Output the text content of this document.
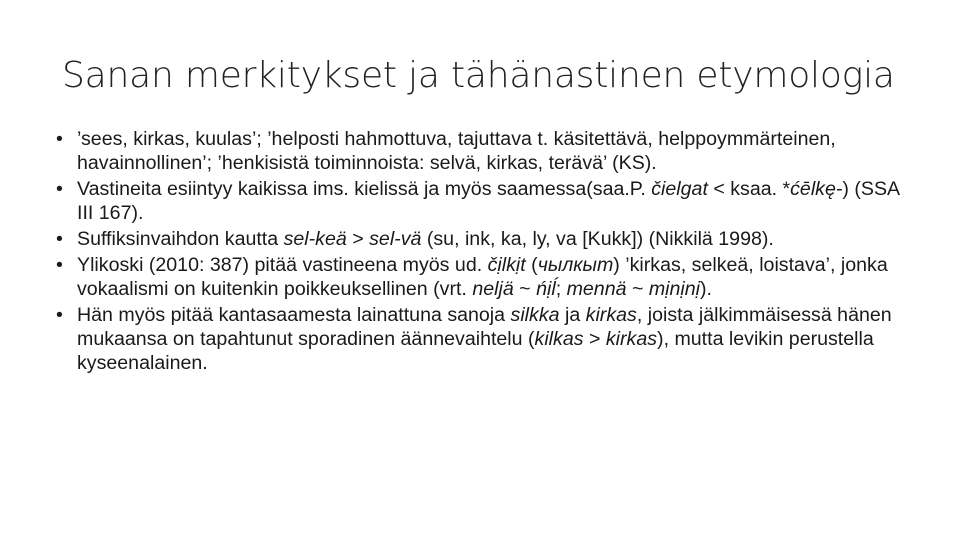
Sanan merkitykset ja tähänastinen etymologia
• ’sees, kirkas, kuulas’; ’helposti hahmottuva, tajuttava t. käsitettävä, helppoymmärteinen, havainnollinen’; ’henkisistä toiminnoista: selvä, kirkas, terävä’ (KS).
• Vastineita esiintyy kaikissa ims. kielissä ja myös saamessa(saa.P. čielgat < ksaa. *ćēlkę-) (SSA III 167).
• Suffiksinvaihdon kautta sel-keä > sel-vä (su, ink, ka, ly, va [Kukk]) (Nikkilä 1998).
• Ylikoski (2010: 387) pitää vastineena myös ud. čịlkịt (чылкыт) ’kirkas, selkeä, loistava’, jonka vokaalismi on kuitenkin poikkeuksellinen (vrt. neljä ~ ńịĺ; mennä ~ mịnịnị).
• Hän myös pitää kantasaamesta lainattuna sanoja silkka ja kirkas, joista jälkimmäisessä hänen mukaansa on tapahtunut sporadinen äännevaihtelu (kilkas > kirkas), mutta levikin perustella kyseenalainen.
